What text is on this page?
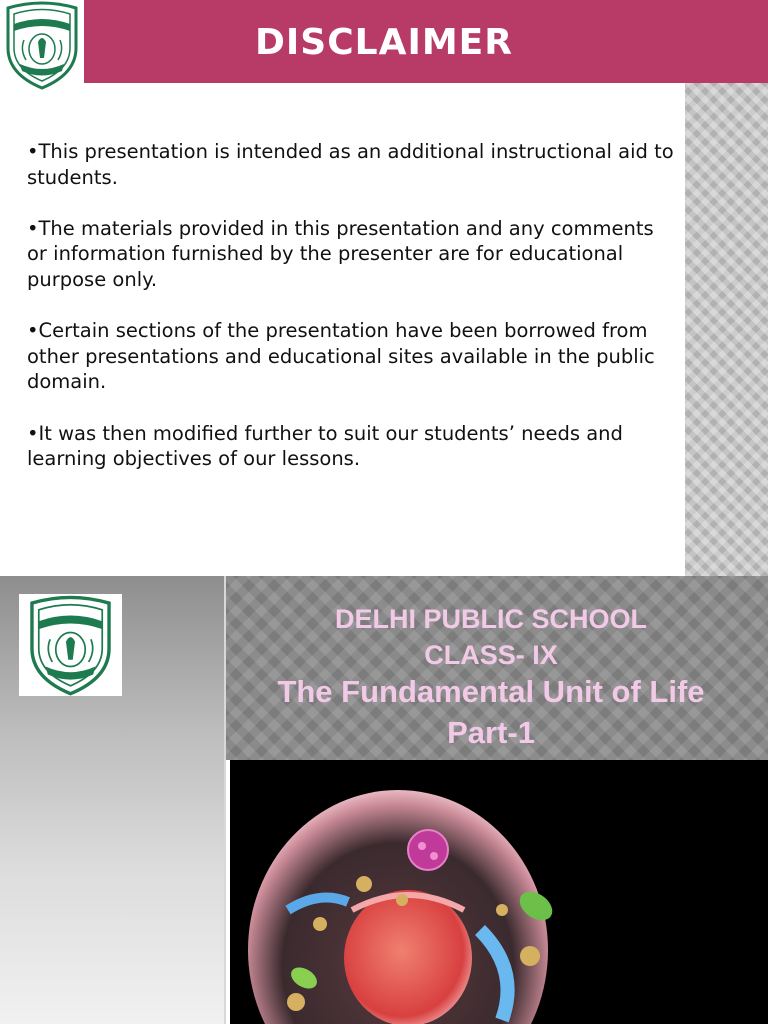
DISCLAIMER

•This presentation is intended as an additional instructional aid to students.

•The materials provided in this presentation and any comments or information furnished by the presenter are for educational purpose only.

•Certain sections of the presentation have been borrowed from other presentations and educational sites available in the public domain.

•It was then modified further to suit our students’ needs and learning objectives of our lessons.

DELHI PUBLIC SCHOOL
CLASS- IX
The Fundamental Unit of Life
Part-1
